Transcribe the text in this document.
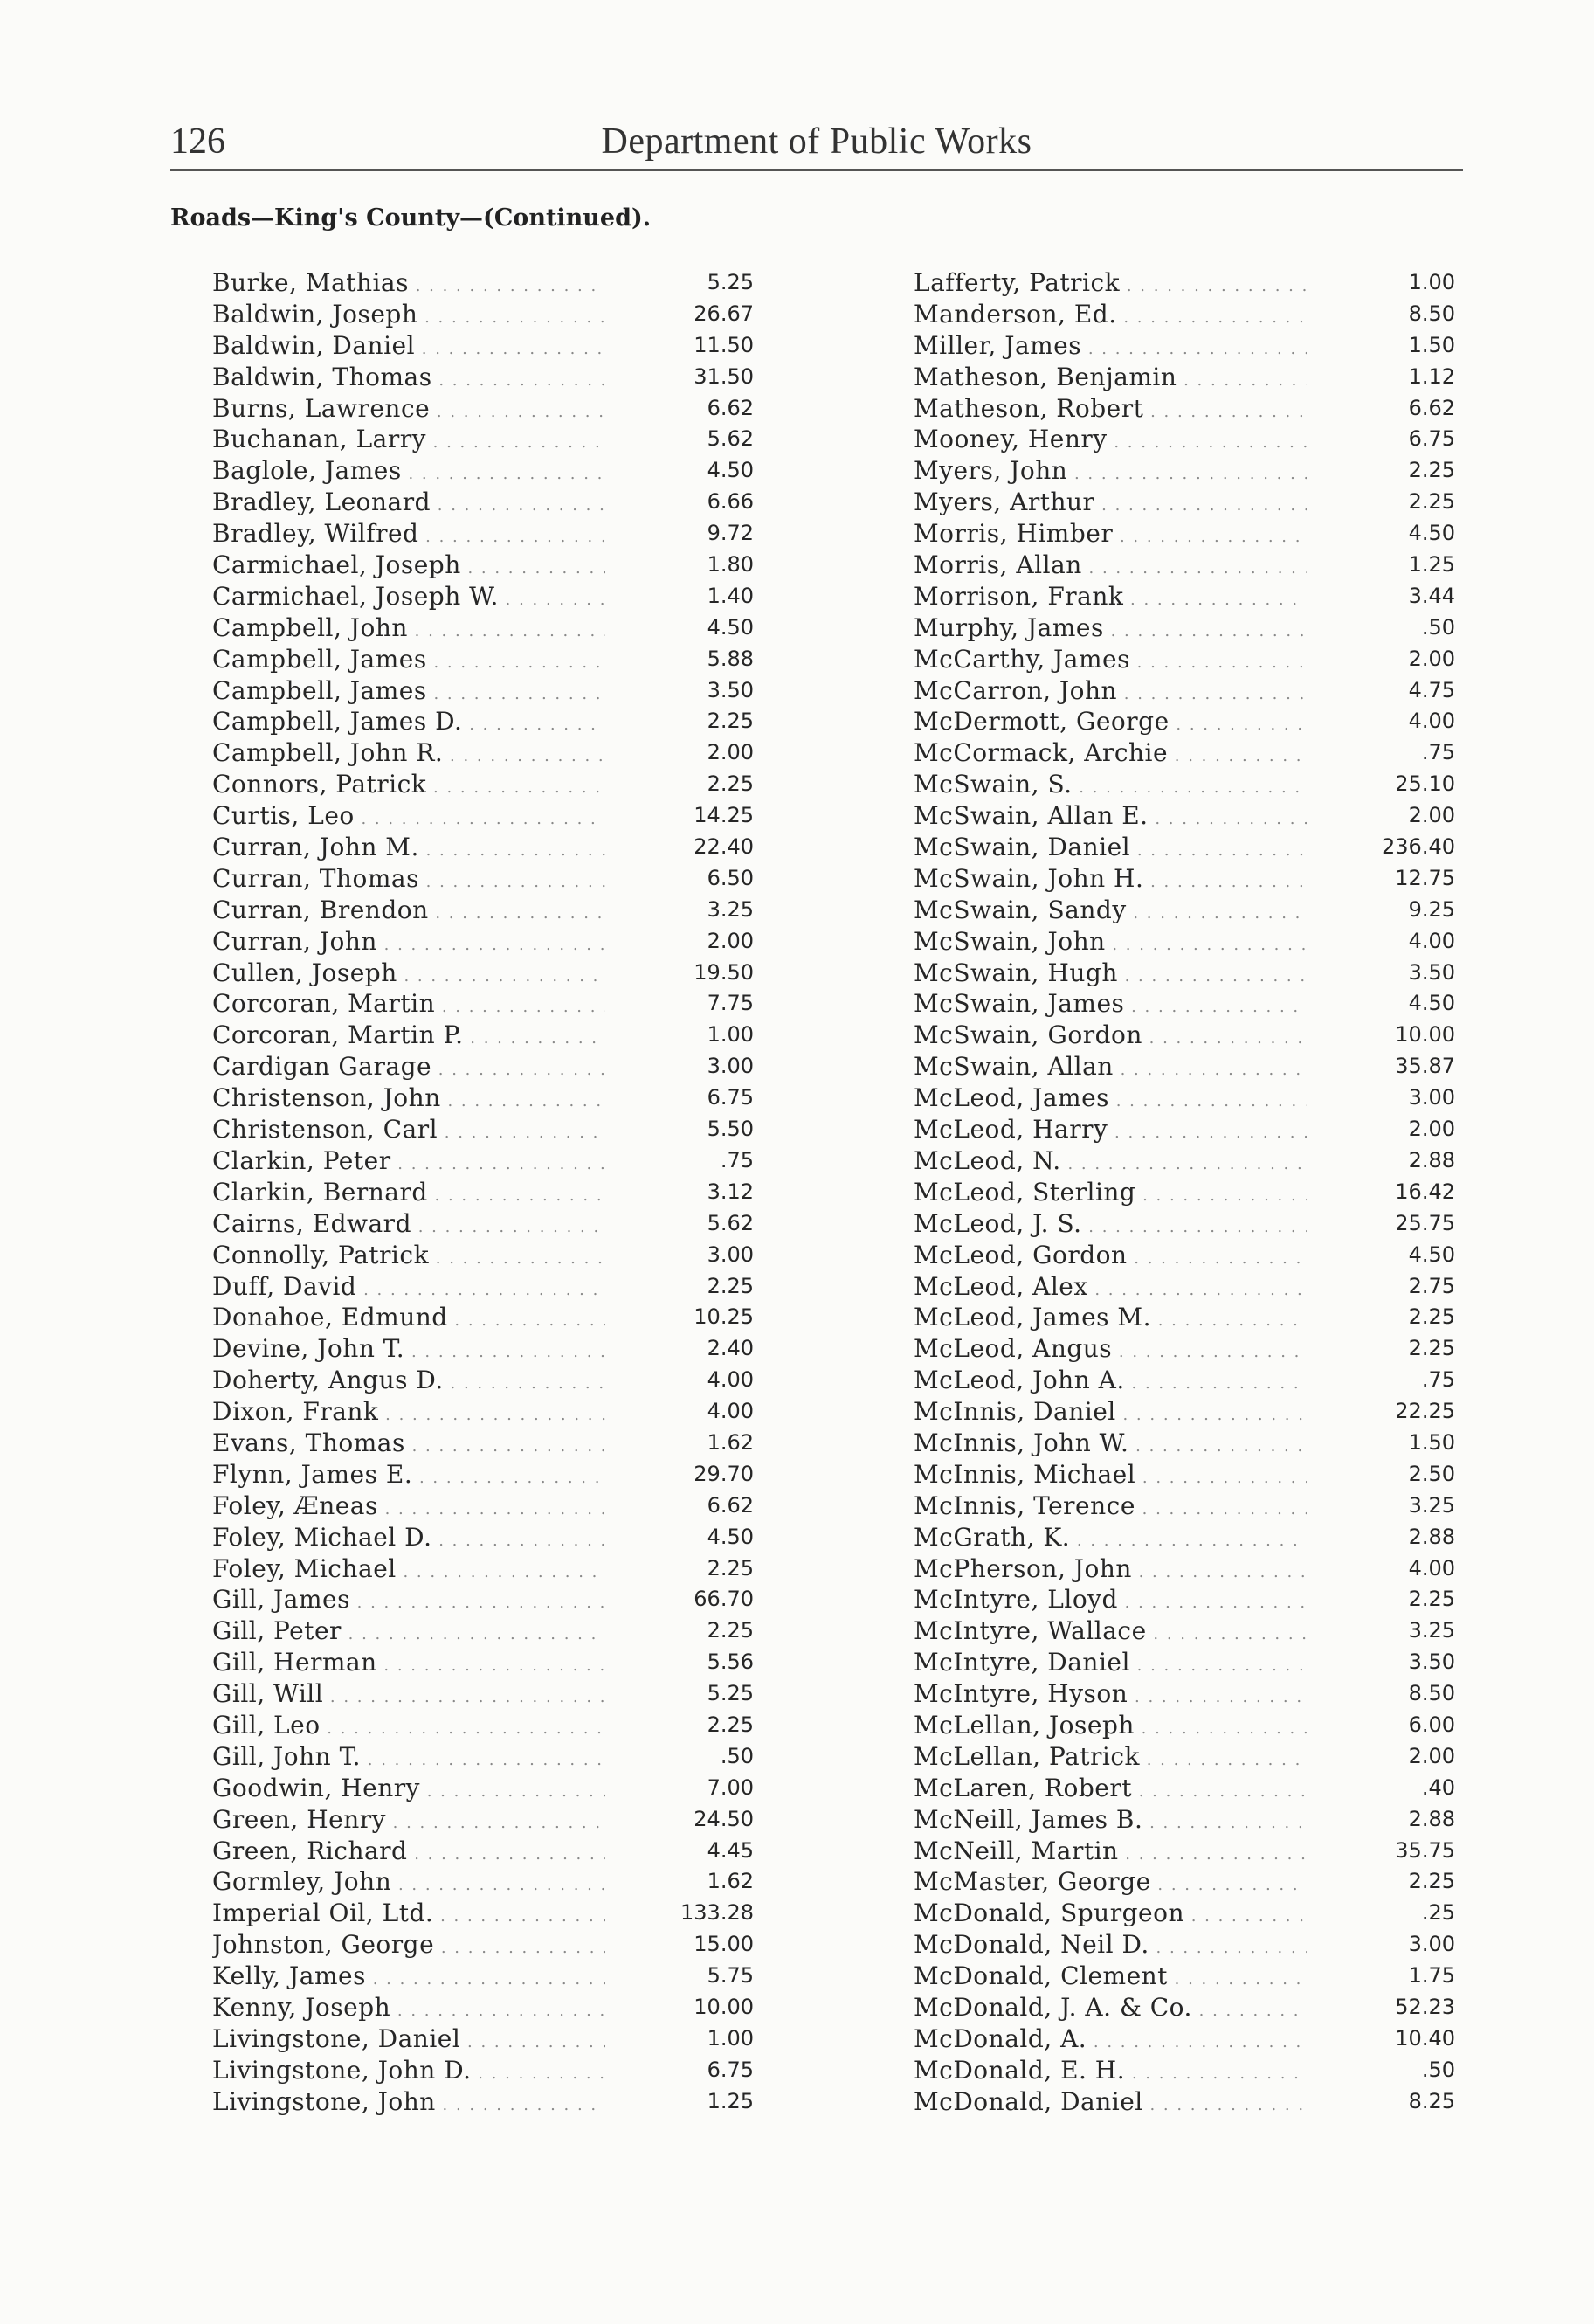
126	Department of Public Works
Roads—King's County—(Continued).
Burke, Mathias . . .	5.25
Baldwin, Joseph . . .	26.67
Baldwin, Daniel . . .	11.50
Baldwin, Thomas . . .	31.50
Burns, Lawrence . . .	6.62
Buchanan, Larry . . .	5.62
Baglole, James . . .	4.50
Bradley, Leonard . . .	6.66
Bradley, Wilfred . . .	9.72
Carmichael, Joseph . . .	1.80
Carmichael, Joseph W. . . .	1.40
Campbell, John . . .	4.50
Campbell, James . . .	5.88
Campbell, James . . .	3.50
Campbell, James D. . . .	2.25
Campbell, John R. . . .	2.00
Connors, Patrick . . .	2.25
Curtis, Leo . . .	14.25
Curran, John M. . . .	22.40
Curran, Thomas . . .	6.50
Curran, Brendon . . .	3.25
Curran, John . . .	2.00
Cullen, Joseph . . .	19.50
Corcoran, Martin . . .	7.75
Corcoran, Martin P. . . .	1.00
Cardigan Garage . . .	3.00
Christenson, John . . .	6.75
Christenson, Carl . . .	5.50
Clarkin, Peter . . .	.75
Clarkin, Bernard . . .	3.12
Cairns, Edward . . .	5.62
Connolly, Patrick . . .	3.00
Duff, David . . .	2.25
Donahoe, Edmund . . .	10.25
Devine, John T. . . .	2.40
Doherty, Angus D. . . .	4.00
Dixon, Frank . . .	4.00
Evans, Thomas . . .	1.62
Flynn, James E. . . .	29.70
Foley, Æneas . . .	6.62
Foley, Michael D. . . .	4.50
Foley, Michael . . .	2.25
Gill, James . . .	66.70
Gill, Peter . . .	2.25
Gill, Herman . . .	5.56
Gill, Will . . .	5.25
Gill, Leo . . .	2.25
Gill, John T. . . .	.50
Goodwin, Henry . . .	7.00
Green, Henry . . .	24.50
Green, Richard . . .	4.45
Gormley, John . . .	1.62
Imperial Oil, Ltd. . . .	133.28
Johnston, George . . .	15.00
Kelly, James . . .	5.75
Kenny, Joseph . . .	10.00
Livingstone, Daniel . . .	1.00
Livingstone, John D. . . .	6.75
Livingstone, John . . .	1.25
Lafferty, Patrick . . .	1.00
Manderson, Ed. . . .	8.50
Miller, James . . .	1.50
Matheson, Benjamin . . .	1.12
Matheson, Robert . . .	6.62
Mooney, Henry . . .	6.75
Myers, John . . .	2.25
Myers, Arthur . . .	2.25
Morris, Himber . . .	4.50
Morris, Allan . . .	1.25
Morrison, Frank . . .	3.44
Murphy, James . . .	.50
McCarthy, James . . .	2.00
McCarron, John . . .	4.75
McDermott, George . . .	4.00
McCormack, Archie . . .	.75
McSwain, S. . . .	25.10
McSwain, Allan E. . . .	2.00
McSwain, Daniel . . .	236.40
McSwain, John H. . . .	12.75
McSwain, Sandy . . .	9.25
McSwain, John . . .	4.00
McSwain, Hugh . . .	3.50
McSwain, James . . .	4.50
McSwain, Gordon . . .	10.00
McSwain, Allan . . .	35.87
McLeod, James . . .	3.00
McLeod, Harry . . .	2.00
McLeod, N. . . .	2.88
McLeod, Sterling . . .	16.42
McLeod, J. S. . . .	25.75
McLeod, Gordon . . .	4.50
McLeod, Alex . . .	2.75
McLeod, James M. . . .	2.25
McLeod, Angus . . .	2.25
McLeod, John A. . . .	.75
McInnis, Daniel . . .	22.25
McInnis, John W. . . .	1.50
McInnis, Michael . . .	2.50
McInnis, Terence . . .	3.25
McGrath, K. . . .	2.88
McPherson, John . . .	4.00
McIntyre, Lloyd . . .	2.25
McIntyre, Wallace . . .	3.25
McIntyre, Daniel . . .	3.50
McIntyre, Hyson . . .	8.50
McLellan, Joseph . . .	6.00
McLellan, Patrick . . .	2.00
McLaren, Robert . . .	.40
McNeill, James B. . . .	2.88
McNeill, Martin . . .	35.75
McMaster, George . . .	2.25
McDonald, Spurgeon . . .	.25
McDonald, Neil D. . . .	3.00
McDonald, Clement . . .	1.75
McDonald, J. A. & Co. . . .	52.23
McDonald, A. . . .	10.40
McDonald, E. H. . . .	.50
McDonald, Daniel . . .	8.25
